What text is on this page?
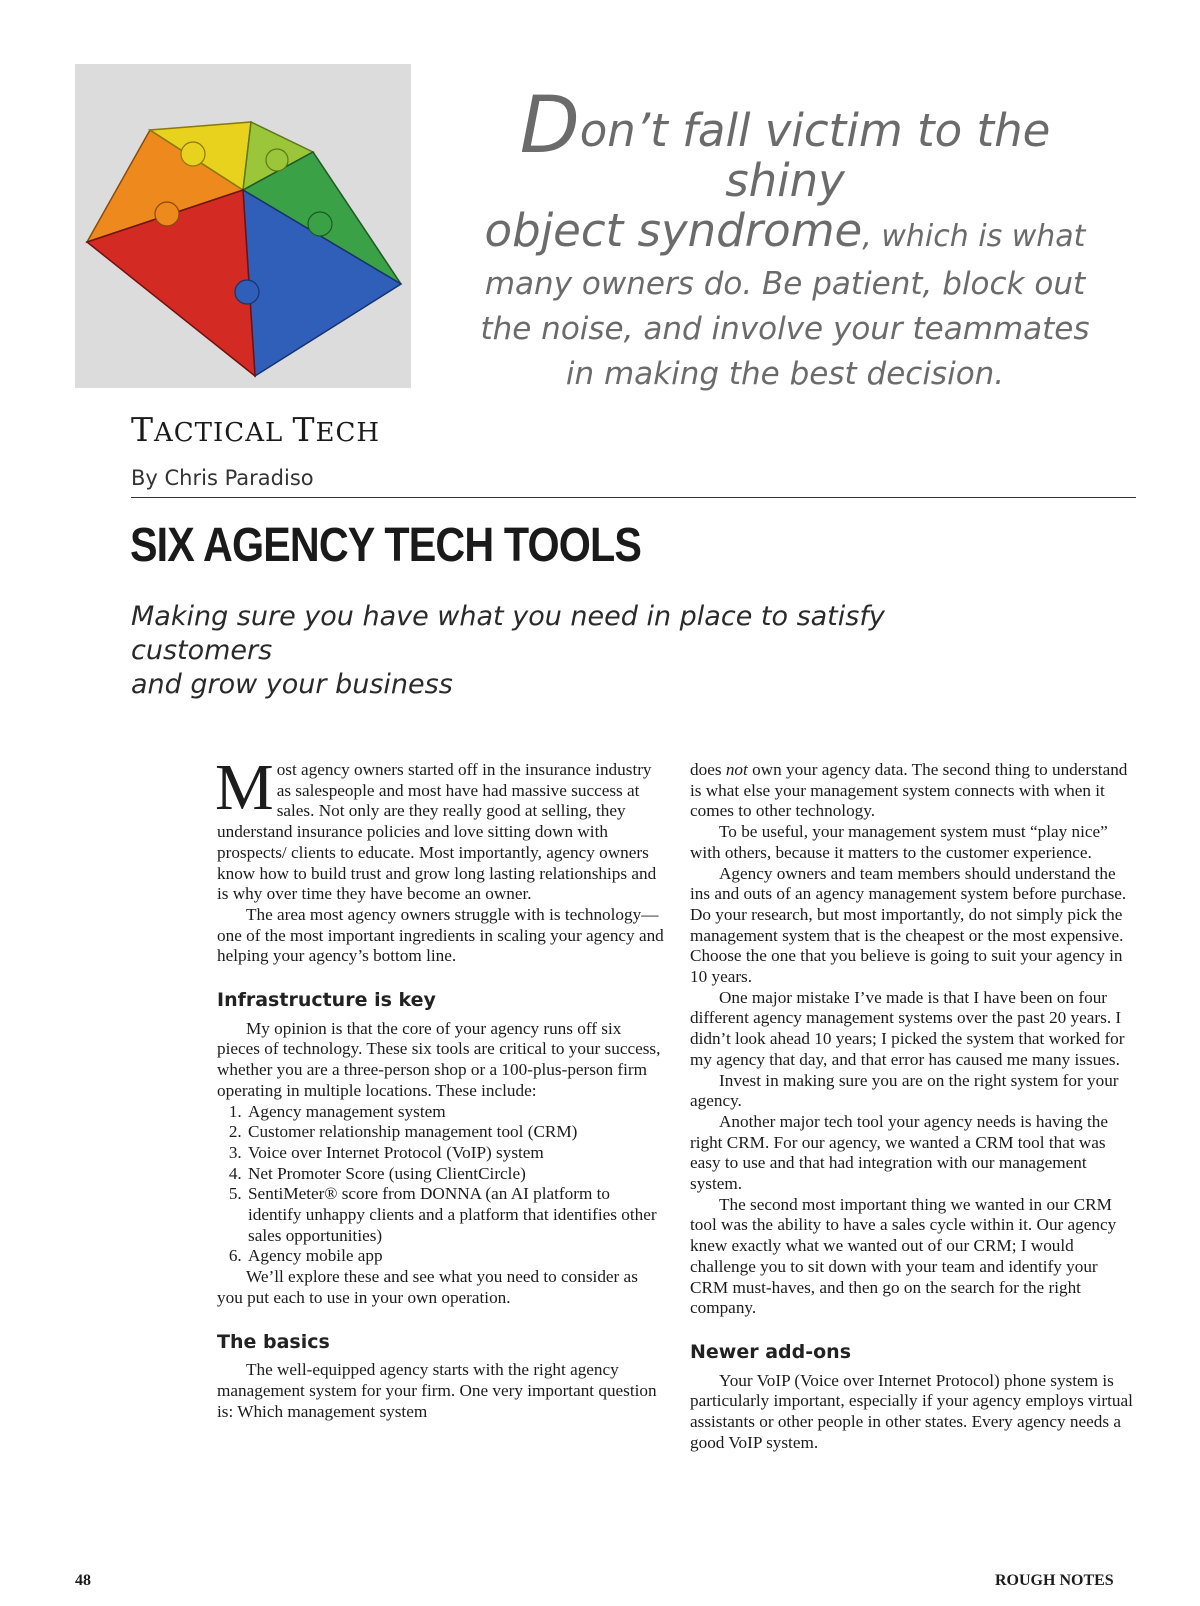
Don’t fall victim to the shiny
object syndrome, which is what
many owners do. Be patient, block out
the noise, and involve your teammates
in making the best decision.
TACTICAL TECH
By Chris Paradiso
SIX AGENCY TECH TOOLS
Making sure you have what you need in place to satisfy customers
and grow your business

Most agency owners started off in the insurance industry as salespeople and most have had massive success at sales. Not only are they really good at selling, they understand insurance policies and love sitting down with prospects/ clients to educate. Most importantly, agency owners know how to build trust and grow long lasting relationships and is why over time they have become an owner.

The area most agency owners struggle with is technology—one of the most important ingredients in scaling your agency and helping your agency’s bottom line.

Infrastructure is key

My opinion is that the core of your agency runs off six pieces of technology. These six tools are critical to your success, whether you are a three-person shop or a 100-plus-person firm operating in multiple locations. These include:

1. Agency management system
2. Customer relationship management tool (CRM)
3. Voice over Internet Protocol (VoIP) system
4. Net Promoter Score (using ClientCircle)
5. SentiMeter® score from DONNA (an AI platform to identify unhappy clients and a platform that identifies other sales opportunities)
6. Agency mobile app

We’ll explore these and see what you need to consider as you put each to use in your own operation.

The basics

The well-equipped agency starts with the right agency management system for your firm. One very important question is: Which management system

does not own your agency data. The second thing to understand is what else your management system connects with when it comes to other technology.

To be useful, your management system must “play nice” with others, because it matters to the customer experience.

Agency owners and team members should understand the ins and outs of an agency management system before purchase. Do your research, but most importantly, do not simply pick the management system that is the cheapest or the most expensive. Choose the one that you believe is going to suit your agency in 10 years.

One major mistake I’ve made is that I have been on four different agency management systems over the past 20 years. I didn’t look ahead 10 years; I picked the system that worked for my agency that day, and that error has caused me many issues.

Invest in making sure you are on the right system for your agency.

Another major tech tool your agency needs is having the right CRM. For our agency, we wanted a CRM tool that was easy to use and that had integration with our management system.

The second most important thing we wanted in our CRM tool was the ability to have a sales cycle within it. Our agency knew exactly what we wanted out of our CRM; I would challenge you to sit down with your team and identify your CRM must-haves, and then go on the search for the right company.

Newer add-ons

Your VoIP (Voice over Internet Protocol) phone system is particularly important, especially if your agency employs virtual assistants or other people in other states. Every agency needs a good VoIP system.

48	ROUGH NOTES
